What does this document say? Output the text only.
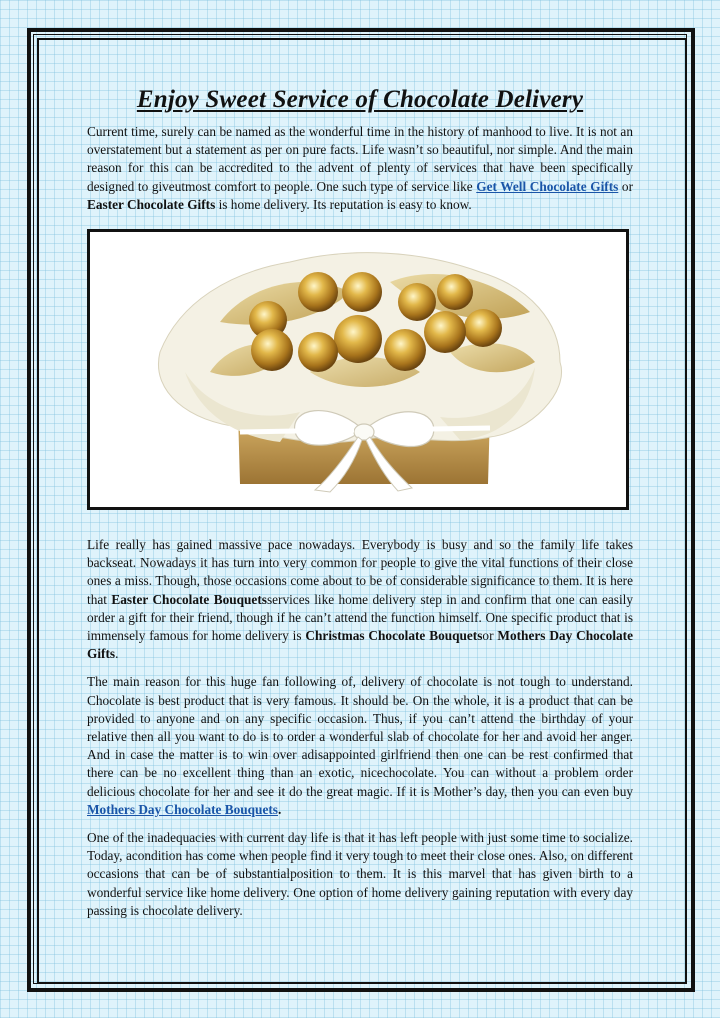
Enjoy Sweet Service of Chocolate Delivery

Current time, surely can be named as the wonderful time in the history of manhood to live. It is not an overstatement but a statement as per on pure facts. Life wasn’t so beautiful, nor simple. And the main reason for this can be accredited to the advent of plenty of services that have been specifically designed to giveutmost comfort to people. One such type of service like Get Well Chocolate Gifts or Easter Chocolate Gifts is home delivery. Its reputation is easy to know.

Life really has gained massive pace nowadays. Everybody is busy and so the family life takes backseat. Nowadays it has turn into very common for people to give the vital functions of their close ones a miss. Though, those occasions come about to be of considerable significance to them. It is here that Easter Chocolate Bouquetsservices like home delivery step in and confirm that one can easily order a gift for their friend, though if he can’t attend the function himself. One specific product that is immensely famous for home delivery is Christmas Chocolate Bouquetsor Mothers Day Chocolate Gifts.

The main reason for this huge fan following of, delivery of chocolate is not tough to understand. Chocolate is best product that is very famous. It should be. On the whole, it is a product that can be provided to anyone and on any specific occasion. Thus, if you can’t attend the birthday of your relative then all you want to do is to order a wonderful slab of chocolate for her and avoid her anger. And in case the matter is to win over adisappointed girlfriend then one can be rest confirmed that there can be no excellent thing than an exotic, nicechocolate. You can without a problem order delicious chocolate for her and see it do the great magic. If it is Mother’s day, then you can even buy Mothers Day Chocolate Bouquets.

One of the inadequacies with current day life is that it has left people with just some time to socialize. Today, acondition has come when people find it very tough to meet their close ones. Also, on different occasions that can be of substantialposition to them. It is this marvel that has given birth to a wonderful service like home delivery. One option of home delivery gaining reputation with every day passing is chocolate delivery.
